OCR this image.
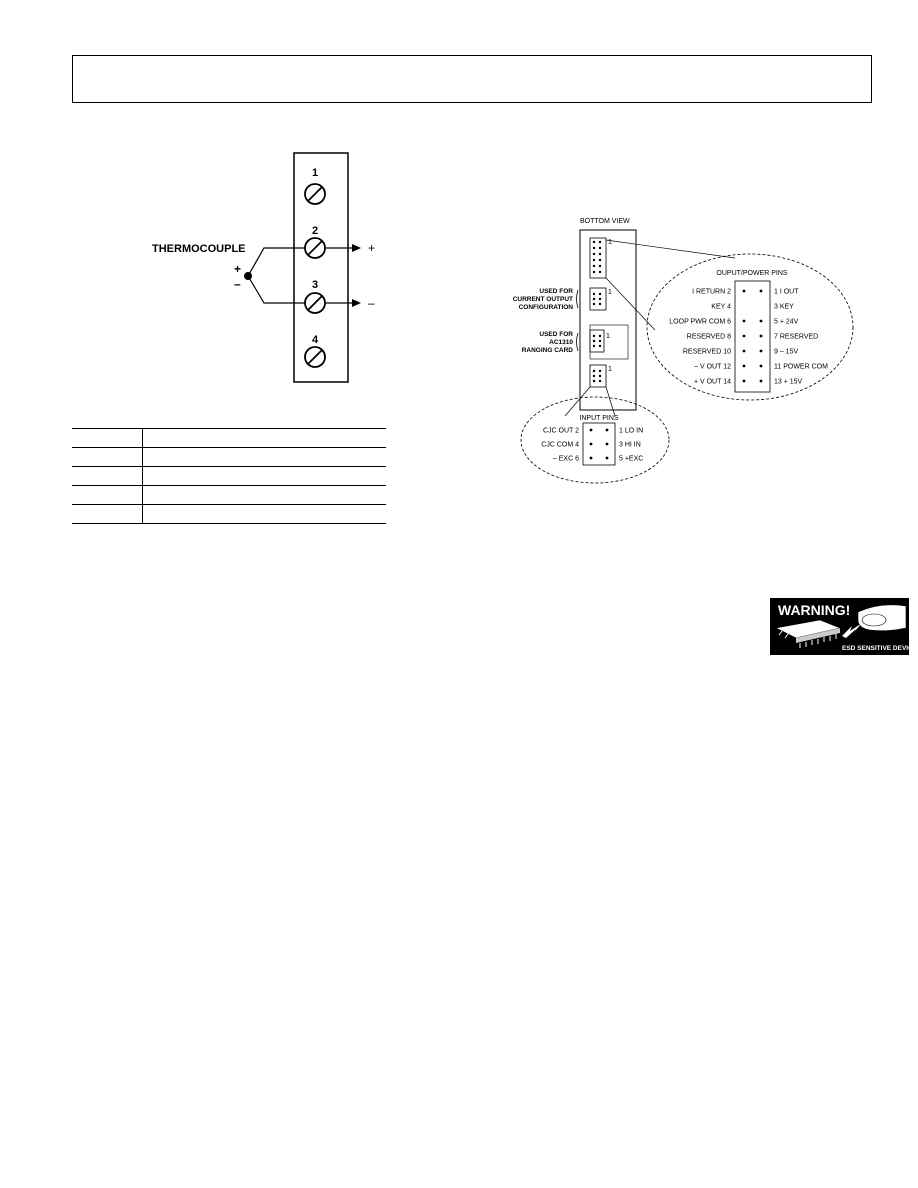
1
2
3
4
THERMOCOUPLE
+
–
+
–

BOTTOM VIEW
1
1
USED FOR
CURRENT OUTPUT
CONFIGURATION
1
USED FOR
AC1310
RANGING CARD
1
OUPUT/POWER PINS
I RETURN 2	1 I OUT
KEY 4	3 KEY
LOOP PWR COM 6	5 + 24V
RESERVED 8	7 RESERVED
RESERVED 10	9 – 15V
– V OUT 12	11 POWER COM
+ V OUT 14	13 + 15V
INPUT PINS
CJC OUT 2	1 LO IN
CJC COM 4	3 HI IN
– EXC 6	5 +EXC
WARNING!
ESD SENSITIVE DEVICE
